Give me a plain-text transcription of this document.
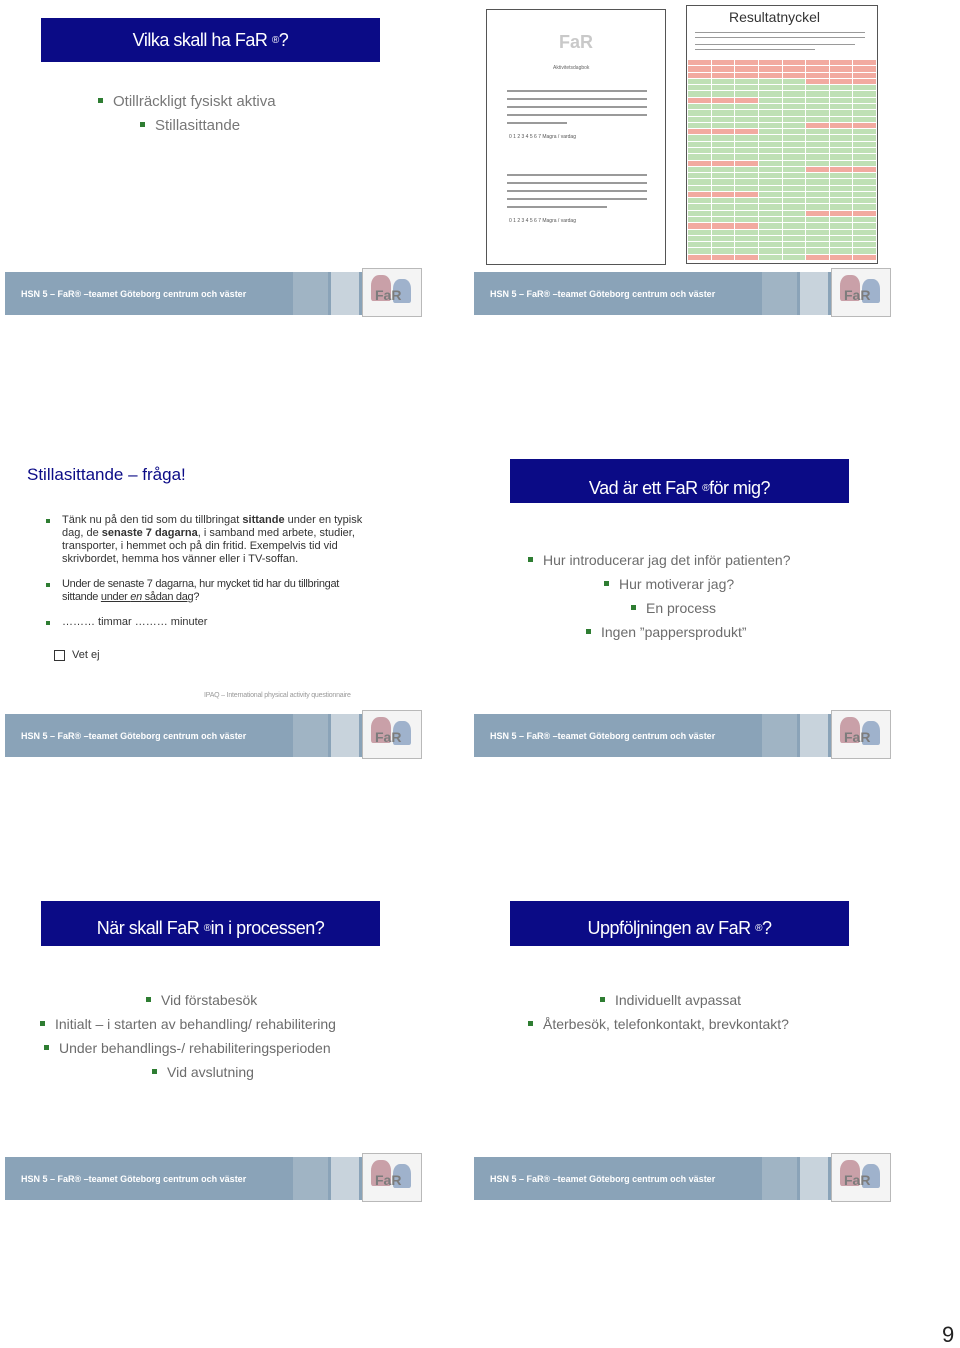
Vilka skall ha FaR
® ?
Otillräckligt fysiskt aktiva
Stillasittande
HSN 5 – FaR® –teamet Göteborg centrum och väster	FaR
FaR
Aktivitetsdagbok
0 1 2 3 4 5 6 7 Magra / vardag
0 1 2 3 4 5 6 7 Magra / vardag
Resultatnyckel
HSN 5 – FaR® –teamet Göteborg centrum och väster	FaR
Stillasittande – fråga!
Tänk nu på den tid som du tillbringat sittande under en typisk dag, de senaste 7 dagarna, i samband med arbete, studier, transporter, i hemmet och på din fritid. Exempelvis tid vid skrivbordet, hemma hos vänner eller i TV-soffan.
Under de senaste 7 dagarna, hur mycket tid har du tillbringat sittande under en sådan dag?
……… timmar ……… minuter
Vet ej
IPAQ – International physical activity questionnaire
HSN 5 – FaR® –teamet Göteborg centrum och väster	FaR
Vad är ett FaR
® för mig?
Hur introducerar jag det inför patienten?
Hur motiverar jag?
En process
Ingen ”pappersprodukt”
HSN 5 – FaR® –teamet Göteborg centrum och väster	FaR
När skall FaR
® in i processen?
Vid förstabesök
Initialt – i starten av behandling/ rehabilitering
Under behandlings-/ rehabiliteringsperioden
Vid avslutning
HSN 5 – FaR® –teamet Göteborg centrum och väster	FaR
Uppföljningen av FaR
® ?
Individuellt avpassat
Återbesök, telefonkontakt, brevkontakt?
HSN 5 – FaR® –teamet Göteborg centrum och väster	FaR
9
